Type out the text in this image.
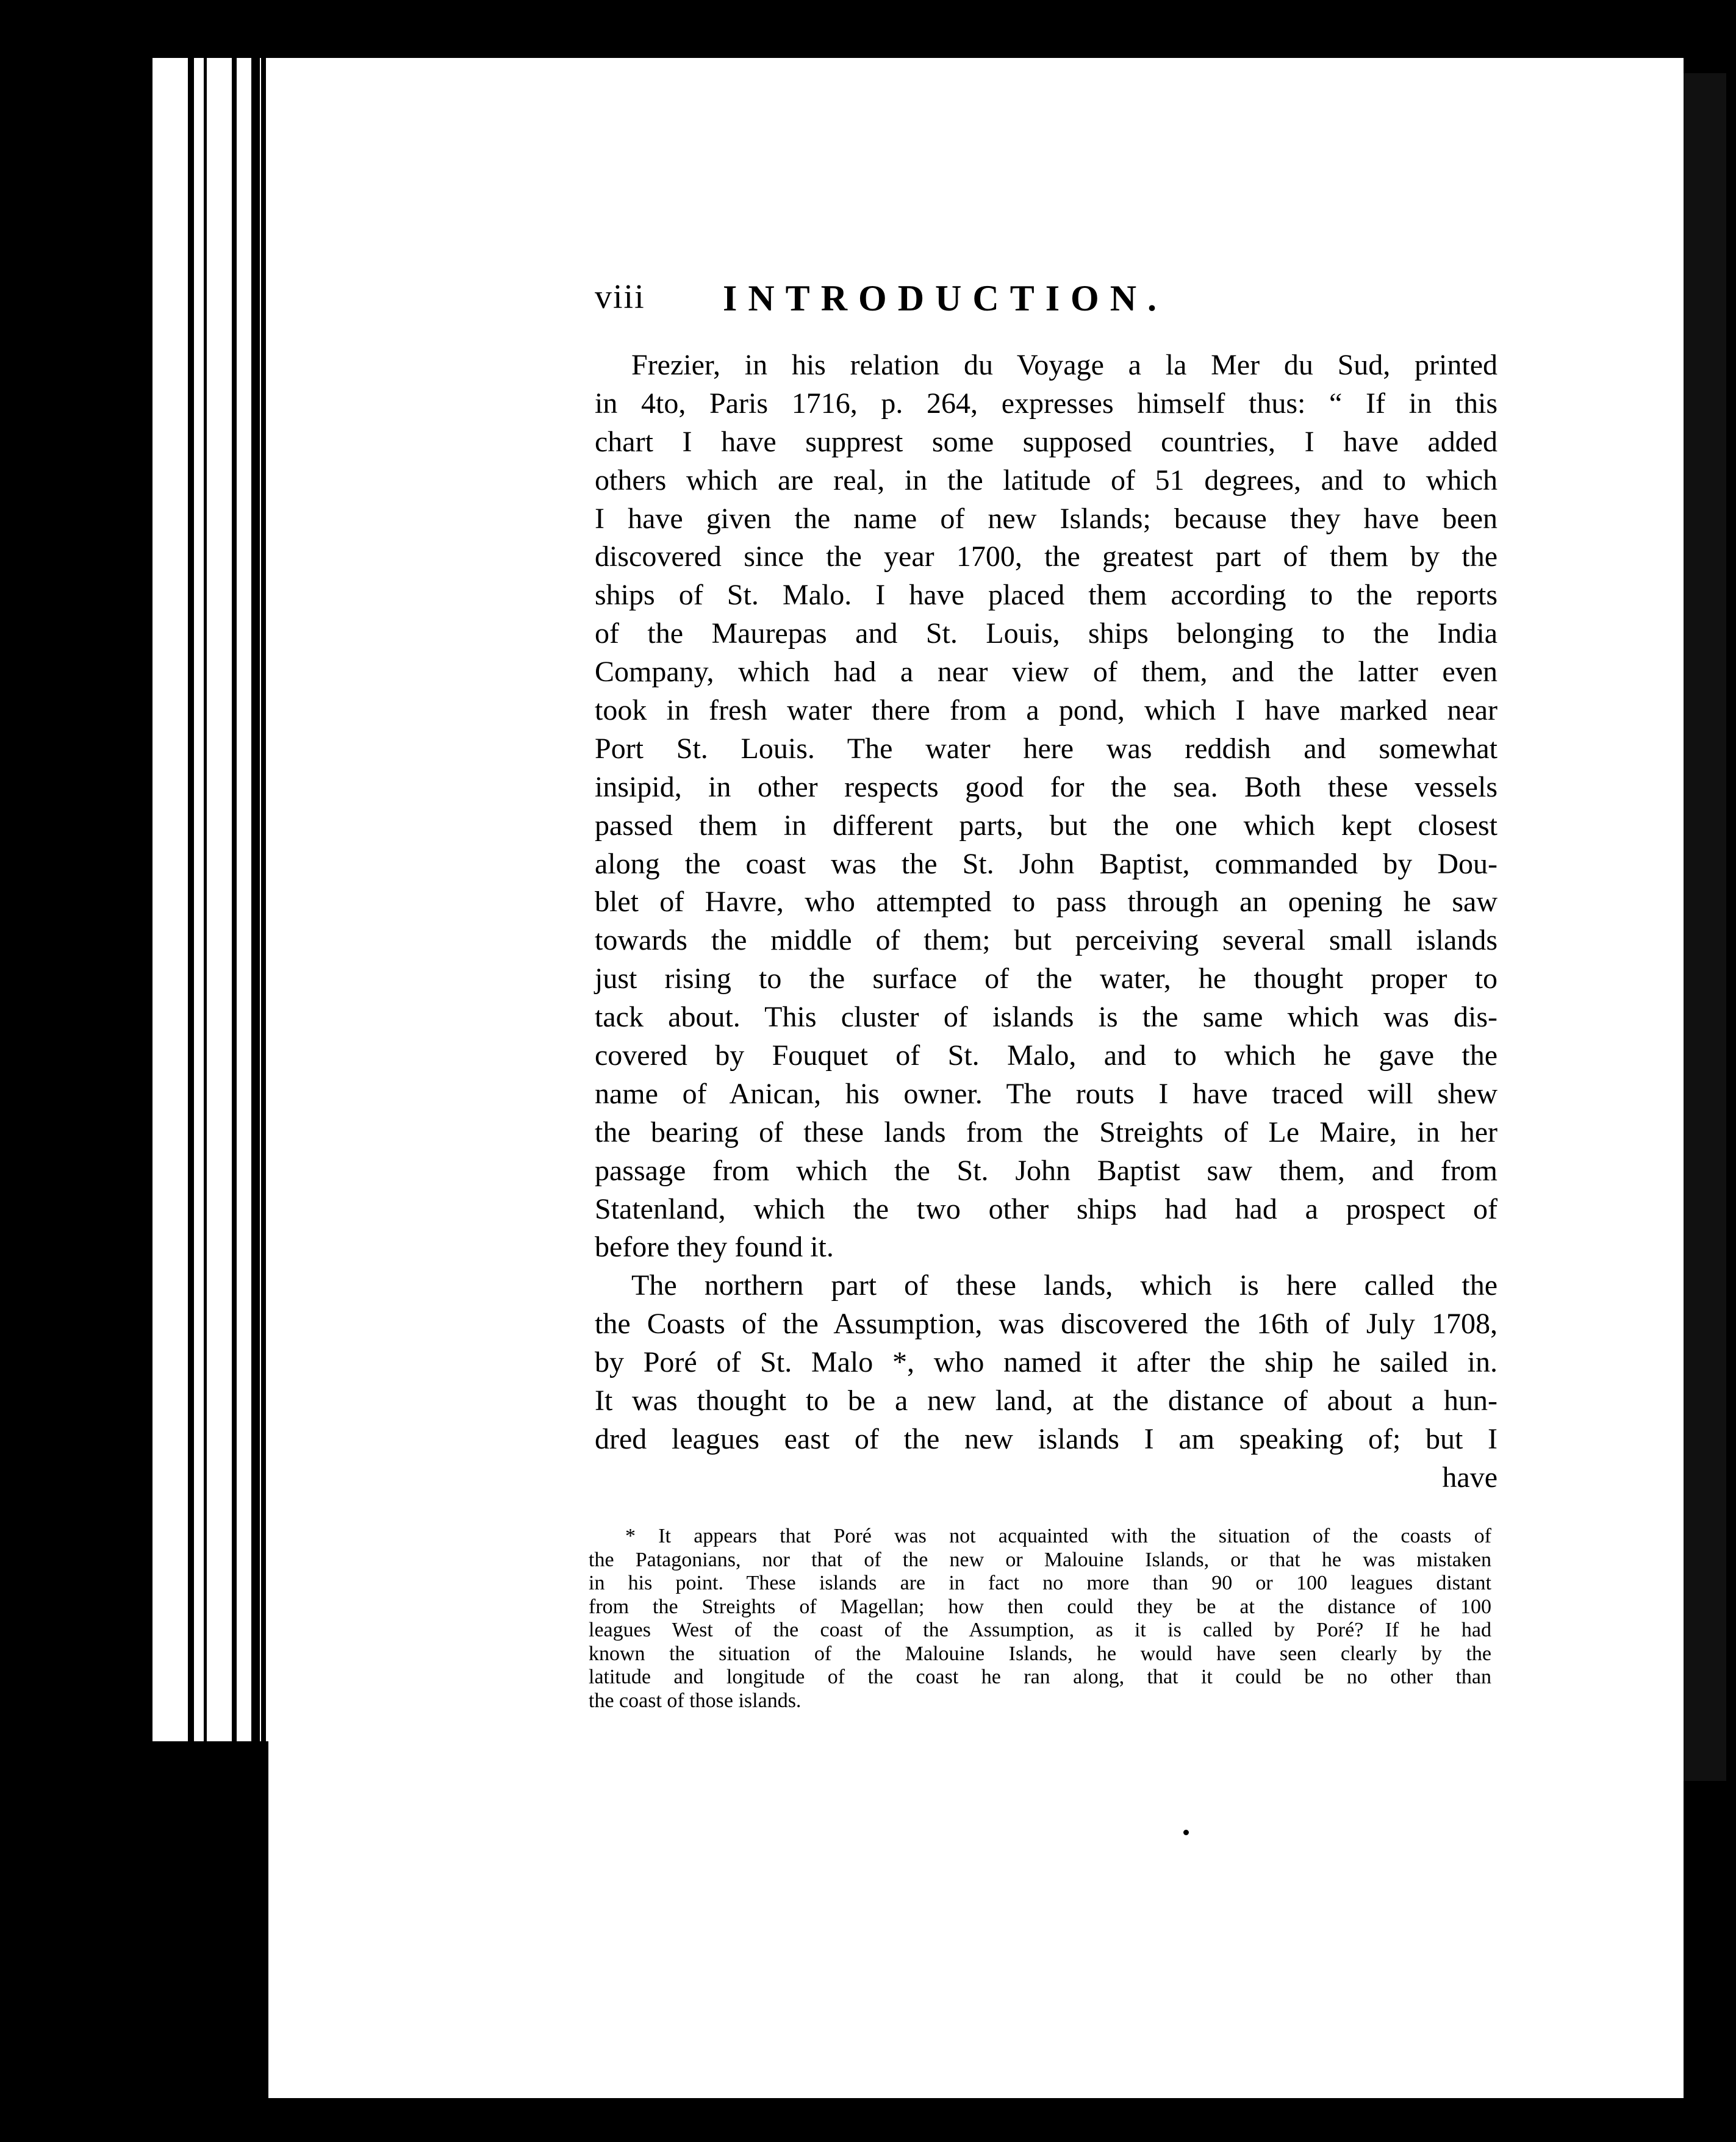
viii INTRODUCTION.
Frezier, in his relation du Voyage a la Mer du Sud, printed
in 4to, Paris 1716, p. 264, expresses himself thus: “ If in this
chart I have supprest some supposed countries, I have added
others which are real, in the latitude of 51 degrees, and to which
I have given the name of new Islands; because they have been
discovered since the year 1700, the greatest part of them by the
ships of St. Malo. I have placed them according to the reports
of the Maurepas and St. Louis, ships belonging to the India
Company, which had a near view of them, and the latter even
took in fresh water there from a pond, which I have marked near
Port St. Louis. The water here was reddish and somewhat
insipid, in other respects good for the sea. Both these vessels
passed them in different parts, but the one which kept closest
along the coast was the St. John Baptist, commanded by Dou-
blet of Havre, who attempted to pass through an opening he saw
towards the middle of them; but perceiving several small islands
just rising to the surface of the water, he thought proper to
tack about. This cluster of islands is the same which was dis-
covered by Fouquet of St. Malo, and to which he gave the
name of Anican, his owner. The routs I have traced will shew
the bearing of these lands from the Streights of Le Maire, in her
passage from which the St. John Baptist saw them, and from
Statenland, which the two other ships had had a prospect of
before they found it.
The northern part of these lands, which is here called the
the Coasts of the Assumption, was discovered the 16th of July 1708,
by Poré of St. Malo *, who named it after the ship he sailed in.
It was thought to be a new land, at the distance of about a hun-
dred leagues east of the new islands I am speaking of; but I
have
* It appears that Poré was not acquainted with the situation of the coasts of
the Patagonians, nor that of the new or Malouine Islands, or that he was mistaken
in his point. These islands are in fact no more than 90 or 100 leagues distant
from the Streights of Magellan; how then could they be at the distance of 100
leagues West of the coast of the Assumption, as it is called by Poré? If he had
known the situation of the Malouine Islands, he would have seen clearly by the
latitude and longitude of the coast he ran along, that it could be no other than
the coast of those islands.
